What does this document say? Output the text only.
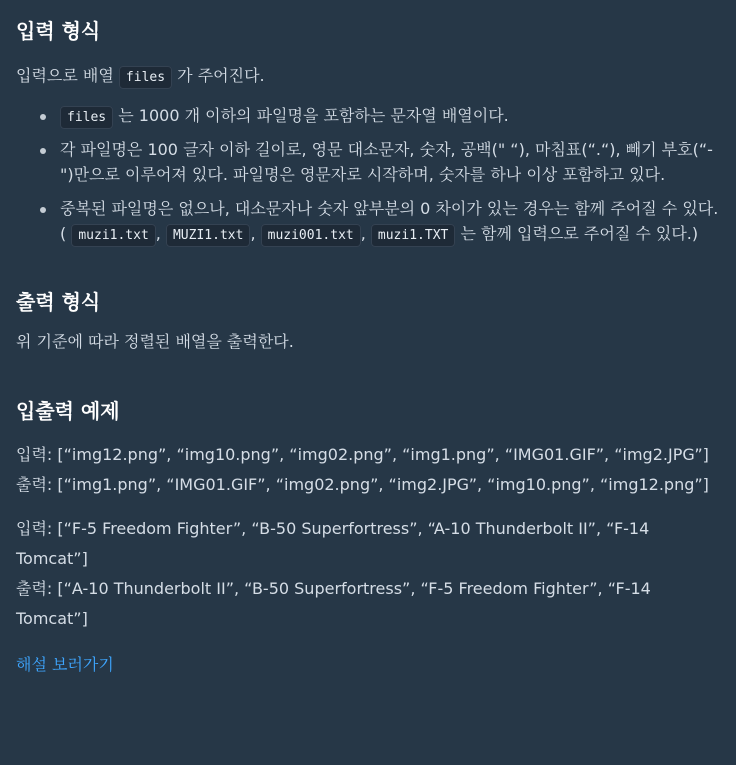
입력 형식

입력으로 배열 files 가 주어진다.

files 는 1000 개 이하의 파일명을 포함하는 문자열 배열이다.
각 파일명은 100 글자 이하 길이로, 영문 대소문자, 숫자, 공백(" “), 마침표(“.“), 빼기 부호(“-")만으로 이루어져 있다. 파일명은 영문자로 시작하며, 숫자를 하나 이상 포함하고 있다.
중복된 파일명은 없으나, 대소문자나 숫자 앞부분의 0 차이가 있는 경우는 함께 주어질 수 있다. ( muzi1.txt , MUZI1.txt , muzi001.txt , muzi1.TXT 는 함께 입력으로 주어질 수 있다.)
출력 형식

위 기준에 따라 정렬된 배열을 출력한다.

입출력 예제

입력: [“img12.png”, “img10.png”, “img02.png”, “img1.png”, “IMG01.GIF”, “img2.JPG”]

출력: [“img1.png”, “IMG01.GIF”, “img02.png”, “img2.JPG”, “img10.png”, “img12.png”]

입력: [“F-5 Freedom Fighter”, “B-50 Superfortress”, “A-10 Thunderbolt II”, “F-14 Tomcat”]

출력: [“A-10 Thunderbolt II”, “B-50 Superfortress”, “F-5 Freedom Fighter”, “F-14 Tomcat”]

해설 보러가기
